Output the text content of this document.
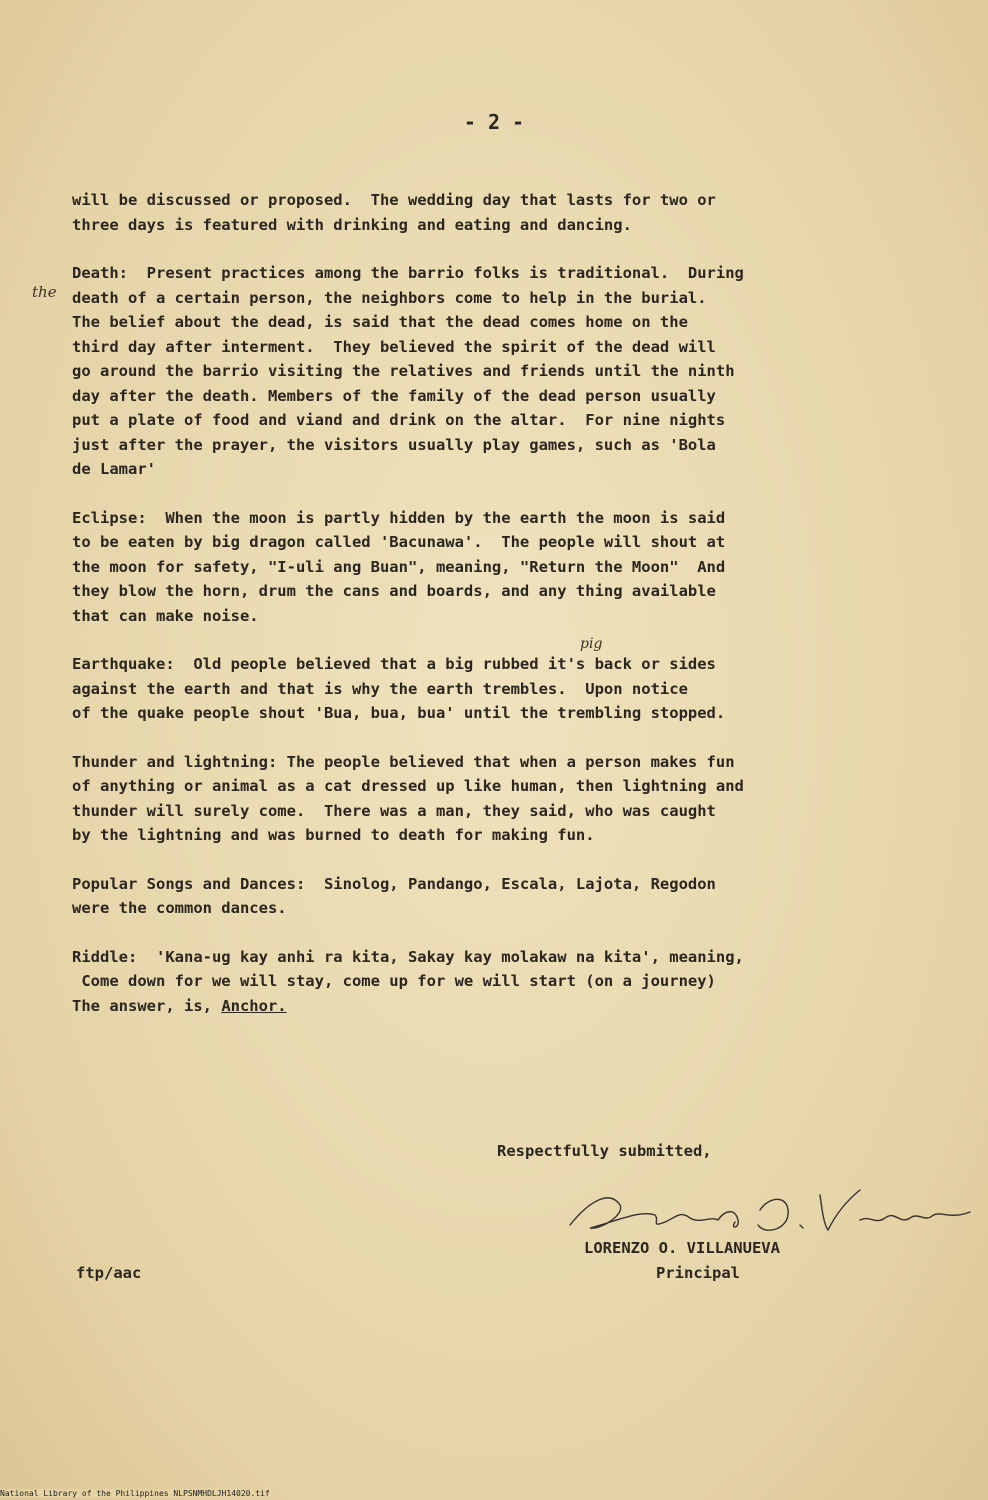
- 2 -
will be discussed or proposed.  The wedding day that lasts for two or
three days is featured with drinking and eating and dancing.
Death:  Present practices among the barrio folks is traditional.  During
death of a certain person, the neighbors come to help in the burial.
The belief about the dead, is said that the dead comes home on the
third day after interment.  They believed the spirit of the dead will
go around the barrio visiting the relatives and friends until the ninth
day after the death. Members of the family of the dead person usually
put a plate of food and viand and drink on the altar.  For nine nights
just after the prayer, the visitors usually play games, such as 'Bola
de Lamar'
Eclipse:  When the moon is partly hidden by the earth the moon is said
to be eaten by big dragon called 'Bacunawa'.  The people will shout at
the moon for safety, "I-uli ang Buan", meaning, "Return the Moon"  And
they blow the horn, drum the cans and boards, and any thing available
that can make noise.
Earthquake:  Old people believed that a big rubbed it's back or sides
against the earth and that is why the earth trembles.  Upon notice
of the quake people shout 'Bua, bua, bua' until the trembling stopped.
Thunder and lightning: The people believed that when a person makes fun
of anything or animal as a cat dressed up like human, then lightning and
thunder will surely come.  There was a man, they said, who was caught
by the lightning and was burned to death for making fun.
Popular Songs and Dances:  Sinolog, Pandango, Escala, Lajota, Regodon
were the common dances.
Riddle:  'Kana-ug kay anhi ra kita, Sakay kay molakaw na kita', meaning,
Come down for we will stay, come up for we will start (on a journey)
The answer, is, Anchor.
the
pig
Respectfully submitted,
LORENZO O. VILLANUEVA
Principal
ftp/aac
National Library of the Philippines NLPSNMHDLJH14020.tif
